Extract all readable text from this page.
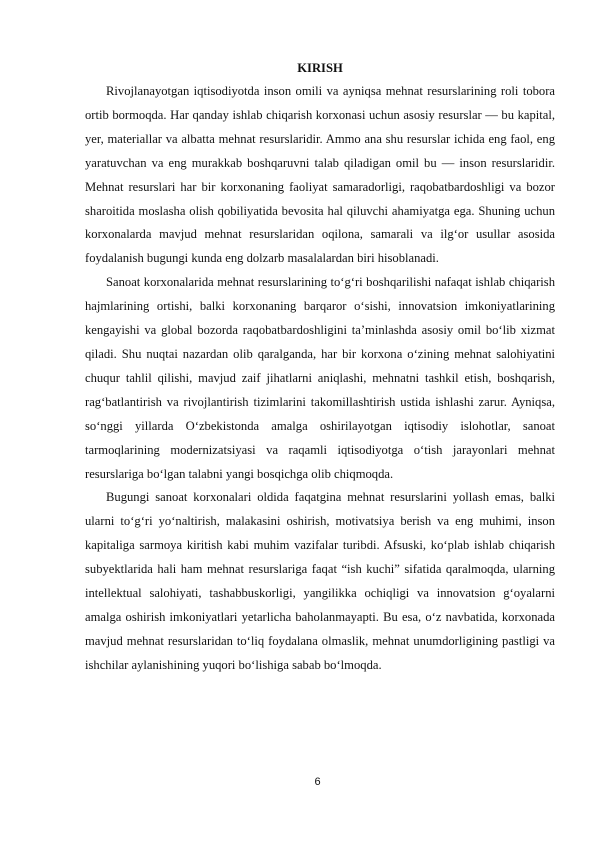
KIRISH

Rivojlanayotgan iqtisodiyotda inson omili va ayniqsa mehnat resurslarining roli tobora ortib bormoqda. Har qanday ishlab chiqarish korxonasi uchun asosiy resurslar — bu kapital, yer, materiallar va albatta mehnat resurslaridir. Ammo ana shu resurslar ichida eng faol, eng yaratuvchan va eng murakkab boshqaruvni talab qiladigan omil bu — inson resurslaridir. Mehnat resurslari har bir korxonaning faoliyat samaradorligi, raqobatbardoshligi va bozor sharoitida moslasha olish qobiliyatida bevosita hal qiluvchi ahamiyatga ega. Shuning uchun korxonalarda mavjud mehnat resurslaridan oqilona, samarali va ilg‘or usullar asosida foydalanish bugungi kunda eng dolzarb masalalardan biri hisoblanadi.

Sanoat korxonalarida mehnat resurslarining to‘g‘ri boshqarilishi nafaqat ishlab chiqarish hajmlarining ortishi, balki korxonaning barqaror o‘sishi, innovatsion imkoniyatlarining kengayishi va global bozorda raqobatbardoshligini ta’minlashda asosiy omil bo‘lib xizmat qiladi. Shu nuqtai nazardan olib qaralganda, har bir korxona o‘zining mehnat salohiyatini chuqur tahlil qilishi, mavjud zaif jihatlarni aniqlashi, mehnatni tashkil etish, boshqarish, rag‘batlantirish va rivojlantirish tizimlarini takomillashtirish ustida ishlashi zarur. Ayniqsa, so‘nggi yillarda O‘zbekistonda amalga oshirilayotgan iqtisodiy islohotlar, sanoat tarmoqlarining modernizatsiyasi va raqamli iqtisodiyotga o‘tish jarayonlari mehnat resurslariga bo‘lgan talabni yangi bosqichga olib chiqmoqda.

Bugungi sanoat korxonalari oldida faqatgina mehnat resurslarini yollash emas, balki ularni to‘g‘ri yo‘naltirish, malakasini oshirish, motivatsiya berish va eng muhimi, inson kapitaliga sarmoya kiritish kabi muhim vazifalar turibdi. Afsuski, ko‘plab ishlab chiqarish subyektlarida hali ham mehnat resurslariga faqat “ish kuchi” sifatida qaralmoqda, ularning intellektual salohiyati, tashabbuskorligi, yangilikka ochiqligi va innovatsion g‘oyalarni amalga oshirish imkoniyatlari yetarlicha baholanmayapti. Bu esa, o‘z navbatida, korxonada mavjud mehnat resurslaridan to‘liq foydalana olmaslik, mehnat unumdorligining pastligi va ishchilar aylanishining yuqori bo‘lishiga sabab bo‘lmoqda.

6
